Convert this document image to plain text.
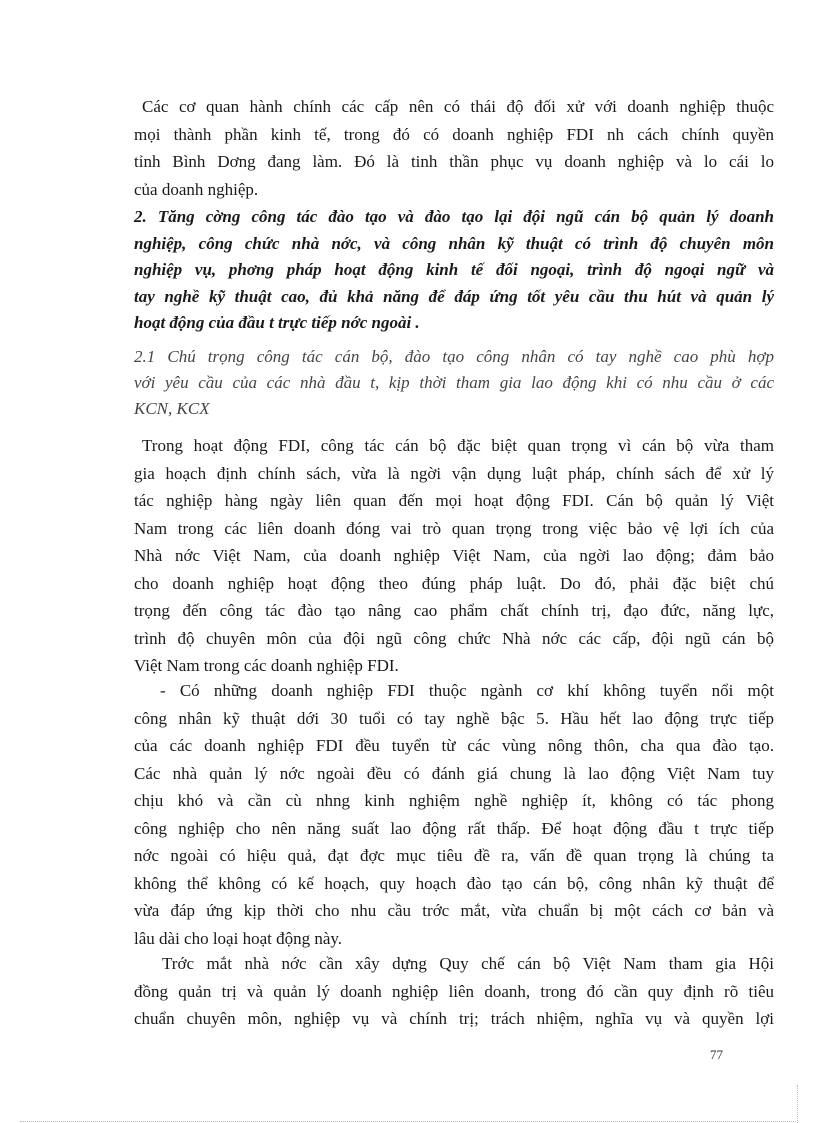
Các cơ quan hành chính các cấp nên có thái độ đối xử với doanh nghiệp thuộc
mọi thành phần kinh tế, trong đó có doanh nghiệp FDI nh cách chính quyền
tỉnh Bình Dơng đang làm. Đó là tinh thần phục vụ doanh nghiệp và lo cái lo
của doanh nghiệp.
2. Tăng cờng công tác đào tạo và đào tạo lại đội ngũ cán bộ quản lý doanh
nghiệp, công chức nhà nớc, và công nhân kỹ thuật có trình độ chuyên môn
nghiệp vụ, phơng pháp hoạt động kinh tế đối ngoại, trình độ ngoại ngữ và
tay nghề kỹ thuật cao, đủ khả năng để đáp ứng tốt yêu cầu thu hút và quản lý
hoạt động của đầu t trực tiếp nớc ngoài .
2.1 Chú trọng công tác cán bộ, đào tạo công nhân có tay nghề cao phù hợp
với yêu cầu của các nhà đầu t, kịp thời tham gia lao động khi có nhu cầu ở các
KCN, KCX
Trong hoạt động FDI, công tác cán bộ đặc biệt quan trọng vì cán bộ vừa tham
gia hoạch định chính sách, vừa là ngời vận dụng luật pháp, chính sách để xử lý
tác nghiệp hàng ngày liên quan đến mọi hoạt động FDI. Cán bộ quản lý Việt
Nam trong các liên doanh đóng vai trò quan trọng trong việc bảo vệ lợi ích của
Nhà nớc Việt Nam, của doanh nghiệp Việt Nam, của ngời lao động; đảm bảo
cho doanh nghiệp hoạt động theo đúng pháp luật. Do đó, phải đặc biệt chú
trọng đến công tác đào tạo nâng cao phẩm chất chính trị, đạo đức, năng lực,
trình độ chuyên môn của đội ngũ công chức Nhà nớc các cấp, đội ngũ cán bộ
Việt Nam trong các doanh nghiệp FDI.
- Có những doanh nghiệp FDI thuộc ngành cơ khí không tuyển nổi một
công nhân kỹ thuật dới 30 tuổi có tay nghề bậc 5. Hầu hết lao động trực tiếp
của các doanh nghiệp FDI đều tuyển từ các vùng nông thôn, cha qua đào tạo.
Các nhà quản lý nớc ngoài đều có đánh giá chung là lao động Việt Nam tuy
chịu khó và cần cù nhng kinh nghiệm nghề nghiệp ít, không có tác phong
công nghiệp cho nên năng suất lao động rất thấp. Để hoạt động đầu t trực tiếp
nớc ngoài có hiệu quả, đạt đợc mục tiêu đề ra, vấn đề quan trọng là chúng ta
không thể không có kế hoạch, quy hoạch đào tạo cán bộ, công nhân kỹ thuật để
vừa đáp ứng kịp thời cho nhu cầu trớc mắt, vừa chuẩn bị một cách cơ bản và
lâu dài cho loại hoạt động này.
Trớc mắt nhà nớc cần xây dựng Quy chế cán bộ Việt Nam tham gia Hội
đồng quản trị và quản lý doanh nghiệp liên doanh, trong đó cần quy định rõ tiêu
chuẩn chuyên môn, nghiệp vụ và chính trị; trách nhiệm, nghĩa vụ và quyền lợi
77
